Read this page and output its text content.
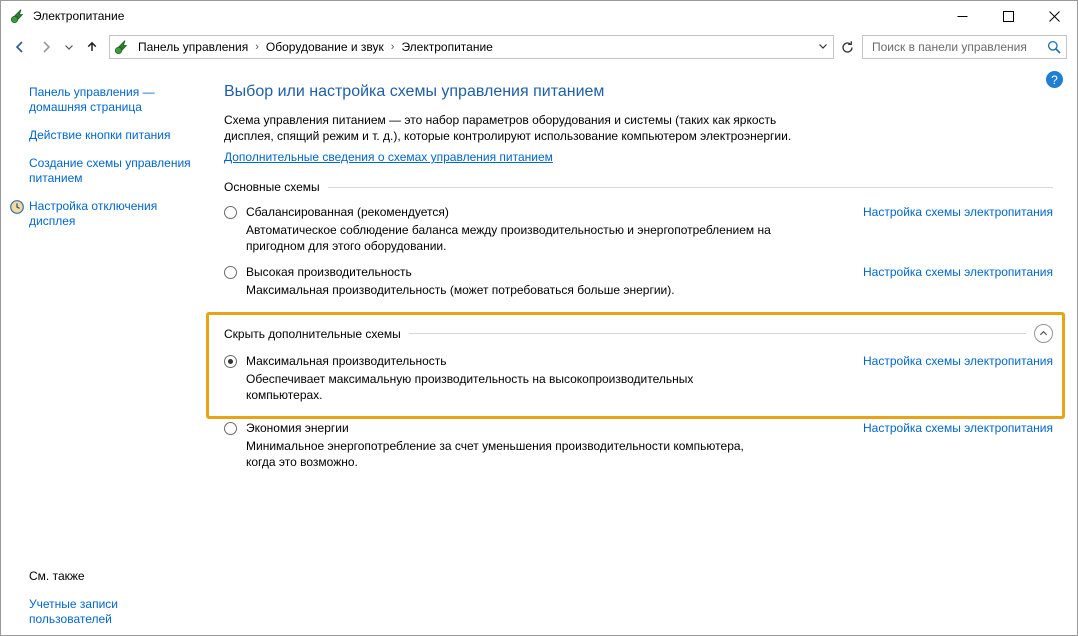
Электропитание
Панель управления › Оборудование и звук › Электропитание
Поиск в панели управления
Панель управления — домашняя страница
Действие кнопки питания
Создание схемы управления питанием
Настройка отключения дисплея
См. также
Учетные записи пользователей
?
Выбор или настройка схемы управления питанием
Схема управления питанием — это набор параметров оборудования и системы (таких как яркость дисплея, спящий режим и т. д.), которые контролируют использование компьютером электроэнергии.
Дополнительные сведения о схемах управления питанием
Основные схемы
Сбалансированная (рекомендуется)	Настройка схемы электропитания
Автоматическое соблюдение баланса между производительностью и энергопотреблением на пригодном для этого оборудовании.
Высокая производительность	Настройка схемы электропитания
Максимальная производительность (может потребоваться больше энергии).
Скрыть дополнительные схемы
Максимальная производительность	Настройка схемы электропитания
Обеспечивает максимальную производительность на высокопроизводительных компьютерах.
Экономия энергии	Настройка схемы электропитания
Минимальное энергопотребление за счет уменьшения производительности компьютера, когда это возможно.
